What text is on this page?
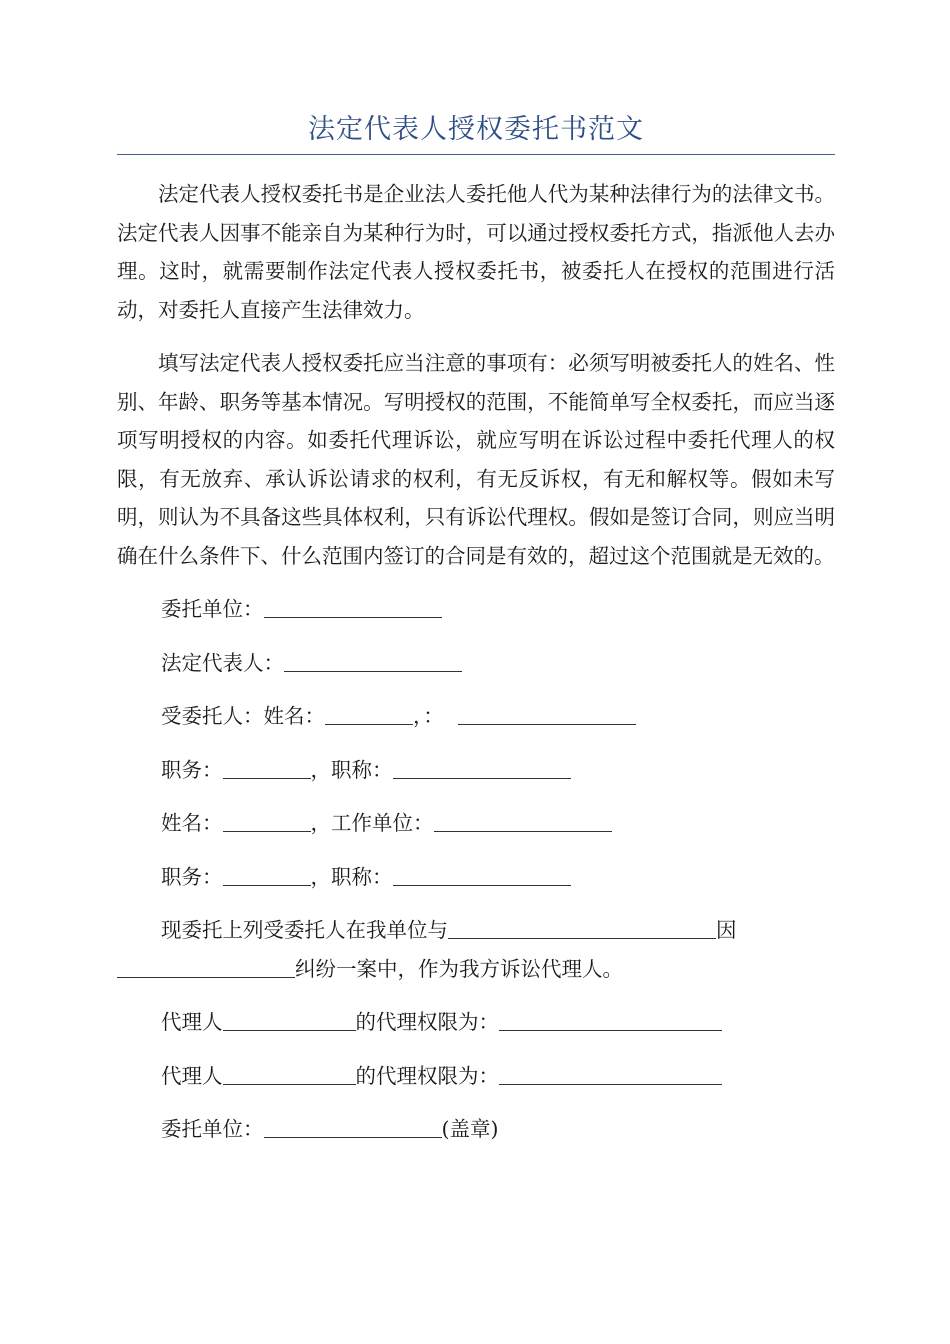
法定代表人授权委托书范文

法定代表人授权委托书是企业法人委托他人代为某种法律行为的法律文书。法定代表人因事不能亲自为某种行为时，可以通过授权委托方式，指派他人去办理。这时，就需要制作法定代表人授权委托书，被委托人在授权的范围进行活动，对委托人直接产生法律效力。

填写法定代表人授权委托应当注意的事项有：必须写明被委托人的姓名、性别、年龄、职务等基本情况。写明授权的范围，不能简单写全权委托，而应当逐项写明授权的内容。如委托代理诉讼，就应写明在诉讼过程中委托代理人的权限，有无放弃、承认诉讼请求的权利，有无反诉权，有无和解权等。假如未写明，则认为不具备这些具体权利，只有诉讼代理权。假如是签订合同，则应当明确在什么条件下、什么范围内签订的合同是有效的，超过这个范围就是无效的。

委托单位：

法定代表人：

受委托人：姓名：	，：

职务：	，职称：

姓名：	，工作单位：

职务：	，职称：

现委托上列受委托人在我单位与	因

纠纷一案中，作为我方诉讼代理人。

代理人	的代理权限为：

代理人	的代理权限为：

委托单位：	(盖章)
